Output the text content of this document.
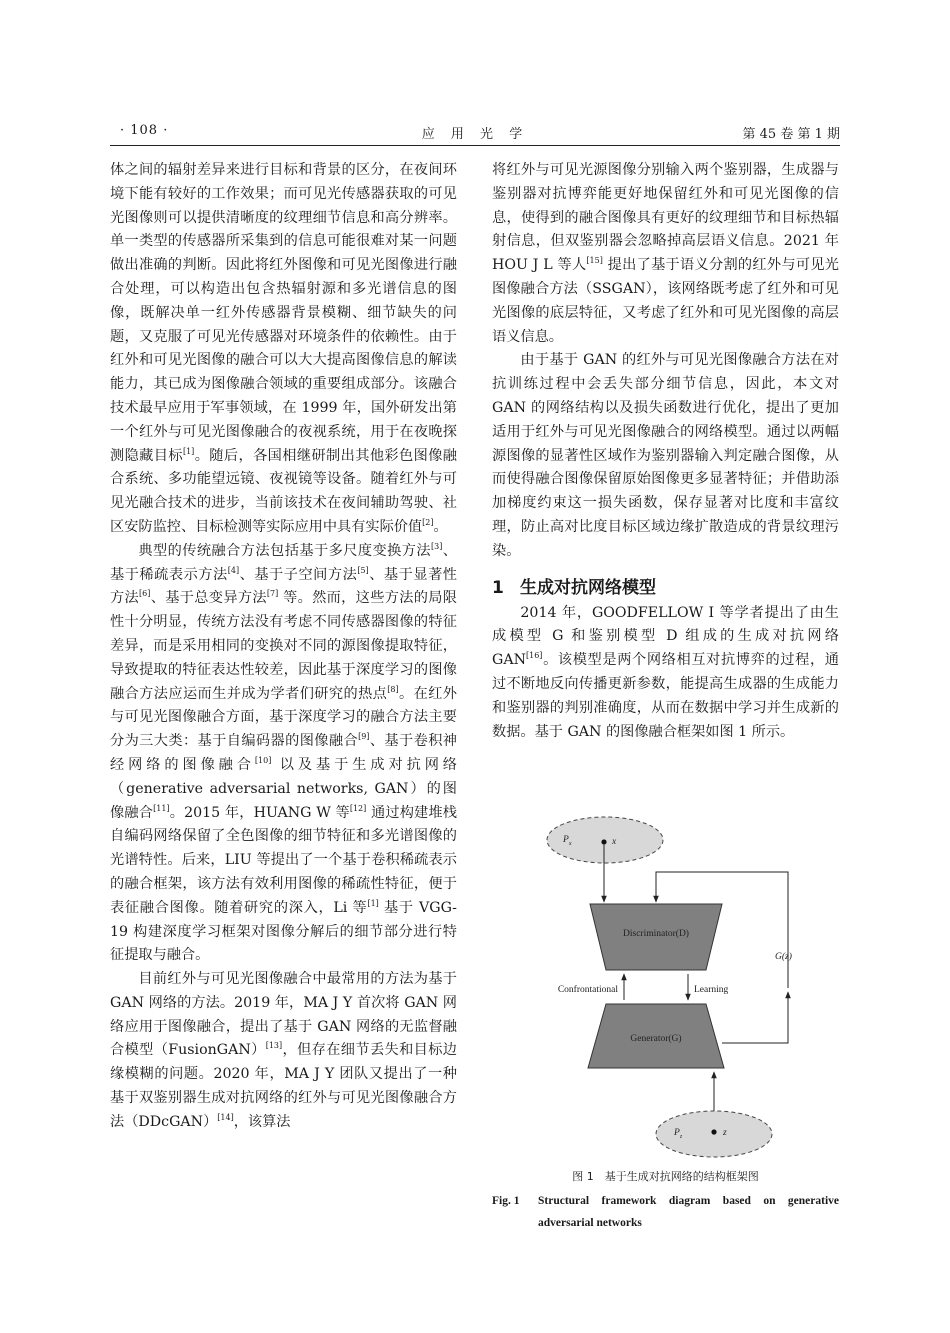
· 108 ·	应 用 光 学	第 45 卷 第 1 期

体之间的辐射差异来进行目标和背景的区分，在夜间环境下能有较好的工作效果；而可见光传感器获取的可见光图像则可以提供清晰度的纹理细节信息和高分辨率。单一类型的传感器所采集到的信息可能很难对某一问题做出准确的判断。因此将红外图像和可见光图像进行融合处理，可以构造出包含热辐射源和多光谱信息的图像，既解决单一红外传感器背景模糊、细节缺失的问题，又克服了可见光传感器对环境条件的依赖性。由于红外和可见光图像的融合可以大大提高图像信息的解读能力，其已成为图像融合领域的重要组成部分。该融合技术最早应用于军事领域，在 1999 年，国外研发出第一个红外与可见光图像融合的夜视系统，用于在夜晚探测隐藏目标[1]。随后，各国相继研制出其他彩色图像融合系统、多功能望远镜、夜视镜等设备。随着红外与可见光融合技术的进步，当前该技术在夜间辅助驾驶、社区安防监控、目标检测等实际应用中具有实际价值[2]。

典型的传统融合方法包括基于多尺度变换方法[3]、基于稀疏表示方法[4]、基于子空间方法[5]、基于显著性方法[6]、基于总变异方法[7] 等。然而，这些方法的局限性十分明显，传统方法没有考虑不同传感器图像的特征差异，而是采用相同的变换对不同的源图像提取特征，导致提取的特征表达性较差，因此基于深度学习的图像融合方法应运而生并成为学者们研究的热点[8]。在红外与可见光图像融合方面，基于深度学习的融合方法主要分为三大类：基于自编码器的图像融合[9]、基于卷积神经网络的图像融合[10] 以及基于生成对抗网络（generative adversarial networks, GAN）的图像融合[11]。2015 年，HUANG W 等[12] 通过构建堆栈自编码网络保留了全色图像的细节特征和多光谱图像的光谱特性。后来，LIU 等提出了一个基于卷积稀疏表示的融合框架，该方法有效利用图像的稀疏性特征，便于表征融合图像。随着研究的深入，Li 等[1] 基于 VGG-19 构建深度学习框架对图像分解后的细节部分进行特征提取与融合。

目前红外与可见光图像融合中最常用的方法为基于 GAN 网络的方法。2019 年，MA J Y 首次将 GAN 网络应用于图像融合，提出了基于 GAN 网络的无监督融合模型（FusionGAN）[13]，但存在细节丢失和目标边缘模糊的问题。2020 年，MA J Y 团队又提出了一种基于双鉴别器生成对抗网络的红外与可见光图像融合方法（DDcGAN）[14]，该算法

将红外与可见光源图像分别输入两个鉴别器，生成器与鉴别器对抗博弈能更好地保留红外和可见光图像的信息，使得到的融合图像具有更好的纹理细节和目标热辐射信息，但双鉴别器会忽略掉高层语义信息。2021 年 HOU J L 等人[15] 提出了基于语义分割的红外与可见光图像融合方法（SSGAN），该网络既考虑了红外和可见光图像的底层特征，又考虑了红外和可见光图像的高层语义信息。

由于基于 GAN 的红外与可见光图像融合方法在对抗训练过程中会丢失部分细节信息，因此，本文对 GAN 的网络结构以及损失函数进行优化，提出了更加适用于红外与可见光图像融合的网络模型。通过以两幅源图像的显著性区域作为鉴别器输入判定融合图像，从而使得融合图像保留原始图像更多显著特征；并借助添加梯度约束这一损失函数，保存显著对比度和丰富纹理，防止高对比度目标区域边缘扩散造成的背景纹理污染。

1 生成对抗网络模型

2014 年，GOODFELLOW I 等学者提出了由生成模型 G 和鉴别模型 D 组成的生成对抗网络 GAN[16]。该模型是两个网络相互对抗博弈的过程，通过不断地反向传播更新参数，能提高生成器的生成能力和鉴别器的判别准确度，从而在数据中学习并生成新的数据。基于 GAN 的图像融合框架如图 1 所示。

$P_x$	x
Discriminator(D)
G(z)
Confrontational	Learning
Generator(G)
$P_z$	z
图 1　基于生成对抗网络的结构框架图
Fig. 1 Structural framework diagram based on generative adversarial networks
